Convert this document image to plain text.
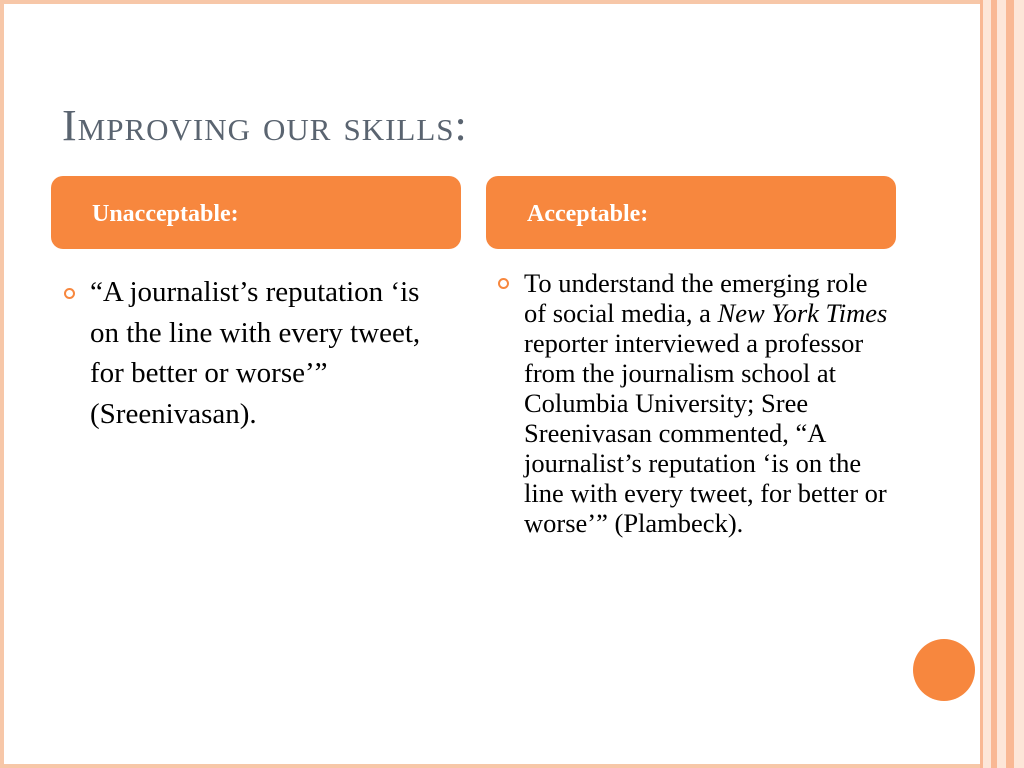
Improving our skills:
Unacceptable:	Acceptable:
“A journalist’s reputation ‘is on the line with every tweet, for better or worse’” (Sreenivasan).
To understand the emerging role of social media, a New York Times reporter interviewed a professor from the journalism school at Columbia University; Sree Sreenivasan commented, “A journalist’s reputation ‘is on the line with every tweet, for better or worse’” (Plambeck).
